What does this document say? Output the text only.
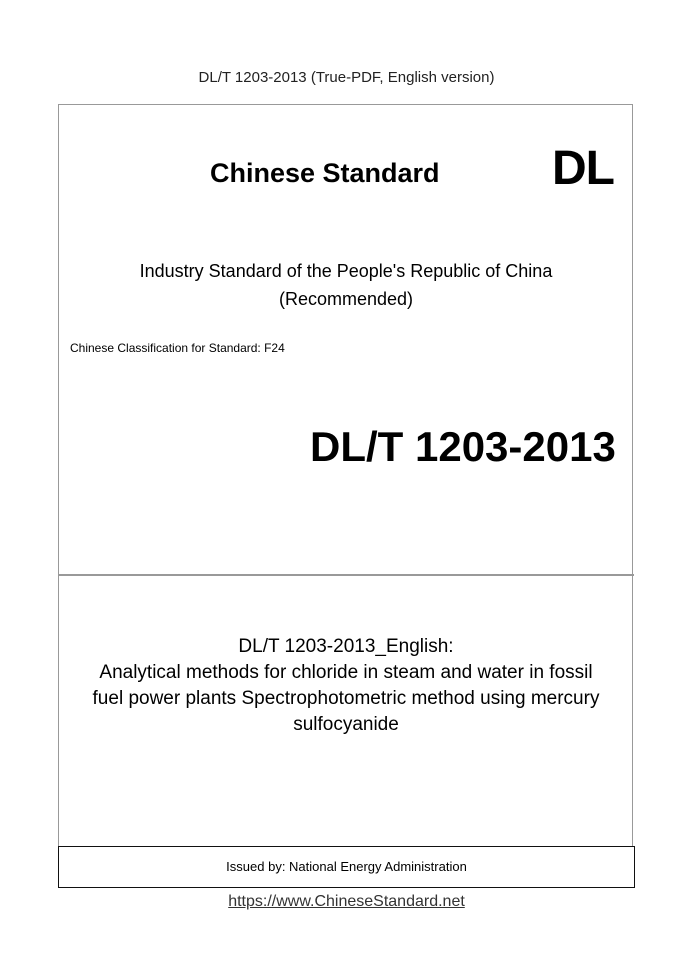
DL/T 1203-2013 (True-PDF, English version)
Chinese Standard DL
Industry Standard of the People's Republic of China
(Recommended)
Chinese Classification for Standard: F24
DL/T 1203-2013
DL/T 1203-2013_English:
Analytical methods for chloride in steam and water in fossil
fuel power plants Spectrophotometric method using mercury
sulfocyanide
Issued by: National Energy Administration
https://www.ChineseStandard.net
